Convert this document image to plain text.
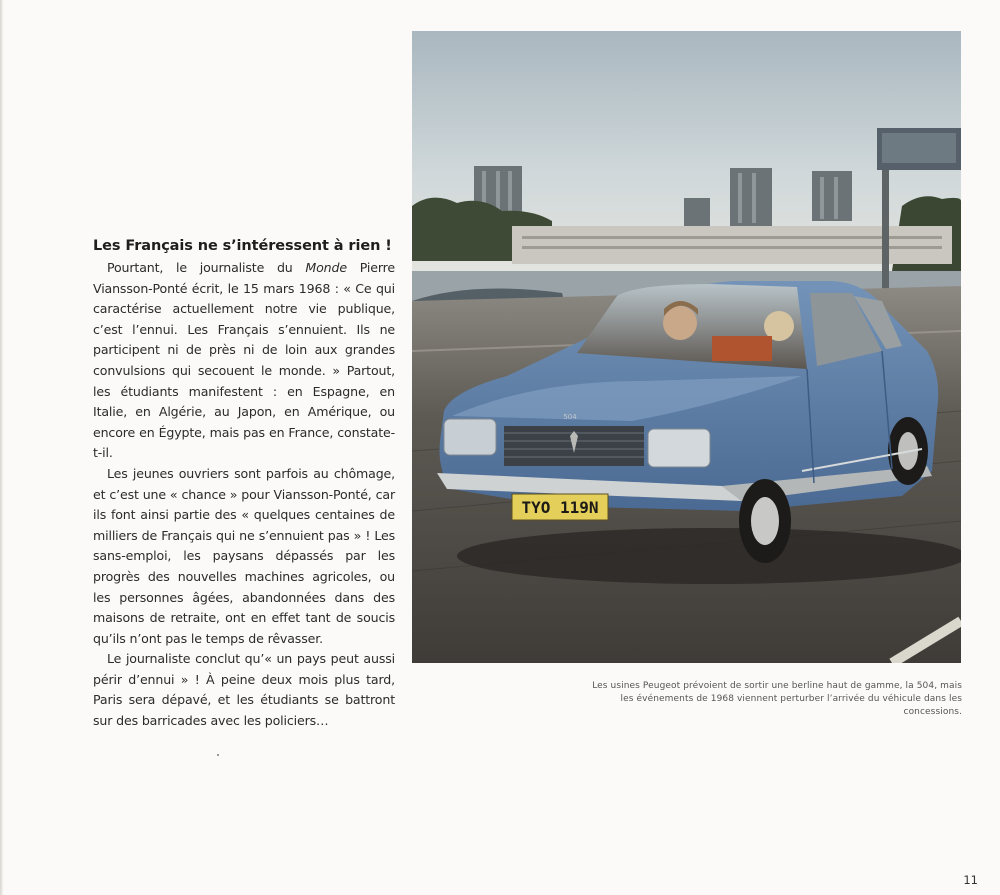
Les Français ne s’intéressent à rien !

Pourtant, le journaliste du Monde Pierre Viansson-Ponté écrit, le 15 mars 1968 : « Ce qui caractérise actuellement notre vie publique, c’est l’ennui. Les Français s’ennuient. Ils ne participent ni de près ni de loin aux grandes convulsions qui secouent le monde. » Partout, les étudiants manifestent : en Espagne, en Italie, en Algérie, au Japon, en Amérique, ou encore en Égypte, mais pas en France, constate-t-il.

Les jeunes ouvriers sont parfois au chômage, et c’est une « chance » pour Viansson-Ponté, car ils font ainsi partie des « quelques centaines de milliers de Français qui ne s’ennuient pas » ! Les sans-emploi, les paysans dépassés par les progrès des nouvelles machines agricoles, ou les personnes âgées, abandonnées dans des maisons de retraite, ont en effet tant de soucis qu’ils n’ont pas le temps de rêvasser.

Le journaliste conclut qu’« un pays peut aussi périr d’ennui » ! À peine deux mois plus tard, Paris sera dépavé, et les étudiants se battront sur des barricades avec les policiers…

TYO 119N
504
Les usines Peugeot prévoient de sortir une berline haut de gamme, la 504, mais
les événements de 1968 viennent perturber l’arrivée du véhicule dans les concessions.
11
